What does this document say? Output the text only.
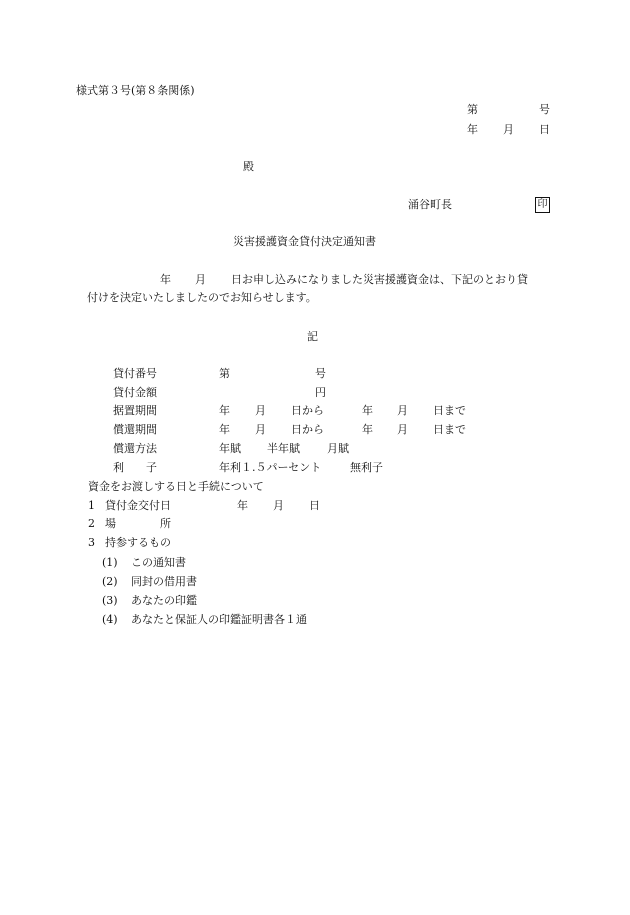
様式第３号(第８条関係)
第	号
年 月 日
殿
涌谷町長	印
災害援護資金貸付決定通知書
年 月 日お申し込みになりました災害援護資金は、下記のとおり貸
付けを決定いたしましたのでお知らせします。
記
貸付番号	第	号
貸付金額	円
据置期間	年 月 日から	年 月 日まで
償還期間	年 月 日から	年 月 日まで
償還方法	年賦 半年賦 月賦
利　　子	年利１.５パーセント	無利子
資金をお渡しする日と手続について
1 貸付金交付日	年 月 日
2 場　　　　所
3 持参するもの
(1) この通知書
(2) 同封の借用書
(3) あなたの印鑑
(4) あなたと保証人の印鑑証明書各１通
